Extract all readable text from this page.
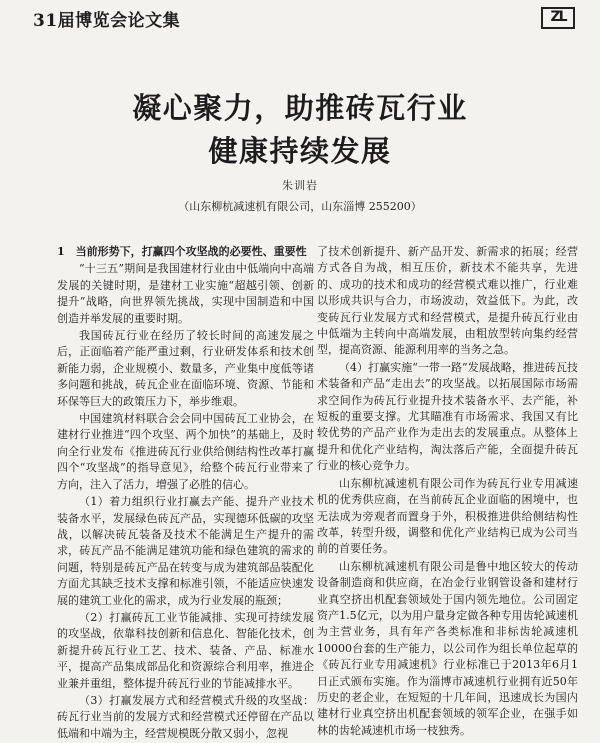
31届博览会论文集	ZL
凝心聚力，助推砖瓦行业
健康持续发展
朱训岩
（山东柳杭减速机有限公司，山东淄博 255200）
1　当前形势下，打赢四个攻坚战的必要性、重要性

“十三五”期间是我国建材行业由中低端向中高端发展的关键时期，是建材工业实施“超越引领、创新提升”战略，向世界领先挑战，实现中国制造和中国创造并举发展的重要时期。

我国砖瓦行业在经历了较长时间的高速发展之后，正面临着产能严重过剩，行业研发体系和技术创新能力弱，企业规模小、数量多，产业集中度低等诸多问题和挑战，砖瓦企业在面临环境、资源、节能和环保等巨大的政策压力下，举步维艰。

中国建筑材料联合会会同中国砖瓦工业协会，在建材行业推进“四个攻坚、两个加快”的基础上，及时向全行业发布《推进砖瓦行业供给侧结构性改革打赢四个“攻坚战”的指导意见》，给整个砖瓦行业带来了方向，注入了活力，增强了必胜的信心。

（1）着力组织行业打赢去产能、提升产业技术装备水平，发展绿色砖瓦产品，实现德环低碳的攻坚战，以解决砖瓦装备及技术不能满足生产提升的需求，砖瓦产品不能满足建筑功能和绿色建筑的需求的问题，特别是砖瓦产品在转变与成为建筑部品装配化方面尤其缺乏技术支撑和标准引领，不能适应快速发展的建筑工业化的需求，成为行业发展的瓶颈；

（2）打赢砖瓦工业节能减排、实现可持续发展的攻坚战，依靠科技创新和信息化、智能化技术，创新提升砖瓦行业工艺、技术、装备、产品、标准水平，提高产品集成部品化和资源综合利用率，推进企业兼并重组，整体提升砖瓦行业的节能减排水平。

（3）打赢发展方式和经营模式升级的攻坚战：砖瓦行业当前的发展方式和经营模式还停留在产品以低端和中端为主，经营规模既分散又弱小，忽视

了技术创新提升、新产品开发、新需求的拓展；经营方式各自为战，相互压价，新技术不能共享，先进的、成功的技术和成功的经营模式难以推广，行业难以形成共识与合力，市场波动，效益低下。为此，改变砖瓦行业发展方式和经营模式，是提升砖瓦行业由中低端为主转向中高端发展，由粗放型转向集约经营型，提高资源、能源利用率的当务之急。

（4）打赢实施“一带一路”发展战略，推进砖瓦技术装备和产品“走出去”的攻坚战。以拓展国际市场需求空间作为砖瓦行业提升技术装备水平、去产能，补短板的重要支撑。尤其瞄准有市场需求、我国又有比较优势的产品产业作为走出去的发展重点。从整体上提升和优化产业结构，淘汰落后产能，全面提升砖瓦行业的核心竞争力。

山东柳杭减速机有限公司作为砖瓦行业专用减速机的优秀供应商，在当前砖瓦企业面临的困境中，也无法成为旁观者而置身于外，积极推进供给侧结构性改革，转型升级，调整和优化产业结构已成为公司当前的首要任务。

山东柳杭减速机有限公司是鲁中地区较大的传动设备制造商和供应商，在冶金行业钢管设备和建材行业真空挤出机配套领域处于国内领先地位。公司固定资产1.5亿元，以为用户量身定做各种专用齿轮减速机为主营业务，具有年产各类标准和非标齿轮减速机10000台套的生产能力，以公司作为组长单位起草的《砖瓦行业专用减速机》行业标准已于2013年6月1日正式颁布实施。作为淄博市减速机行业拥有近50年历史的老企业，在短短的十几年间，迅速成长为国内建材行业真空挤出机配套领域的领军企业，在强手如林的齿轮减速机市场一枝独秀。
